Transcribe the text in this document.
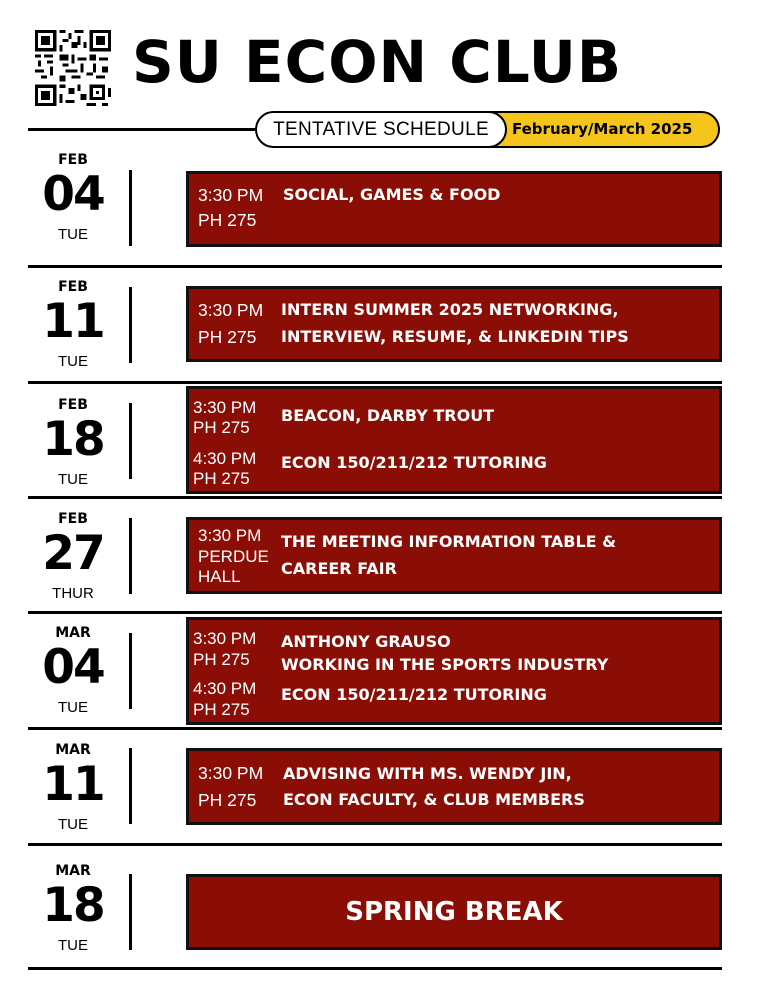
SU ECON CLUB
February/March 2025
TENTATIVE SCHEDULE
FEB
04
TUE
3:30 PM
PH 275
SOCIAL, GAMES & FOOD
FEB
11
TUE
3:30 PM
PH 275
INTERN SUMMER 2025 NETWORKING,
INTERVIEW, RESUME, & LINKEDIN TIPS
FEB
18
TUE
3:30 PM
PH 275
BEACON, DARBY TROUT
4:30 PM
PH 275
ECON 150/211/212 TUTORING
FEB
27
THUR
3:30 PM
PERDUE
HALL
THE MEETING INFORMATION TABLE &
CAREER FAIR
MAR
04
TUE
3:30 PM
PH 275
ANTHONY GRAUSO
WORKING IN THE SPORTS INDUSTRY
4:30 PM
PH 275
ECON 150/211/212 TUTORING
MAR
11
TUE
3:30 PM
PH 275
ADVISING WITH MS. WENDY JIN,
ECON FACULTY, & CLUB MEMBERS
MAR
18
TUE
SPRING BREAK
